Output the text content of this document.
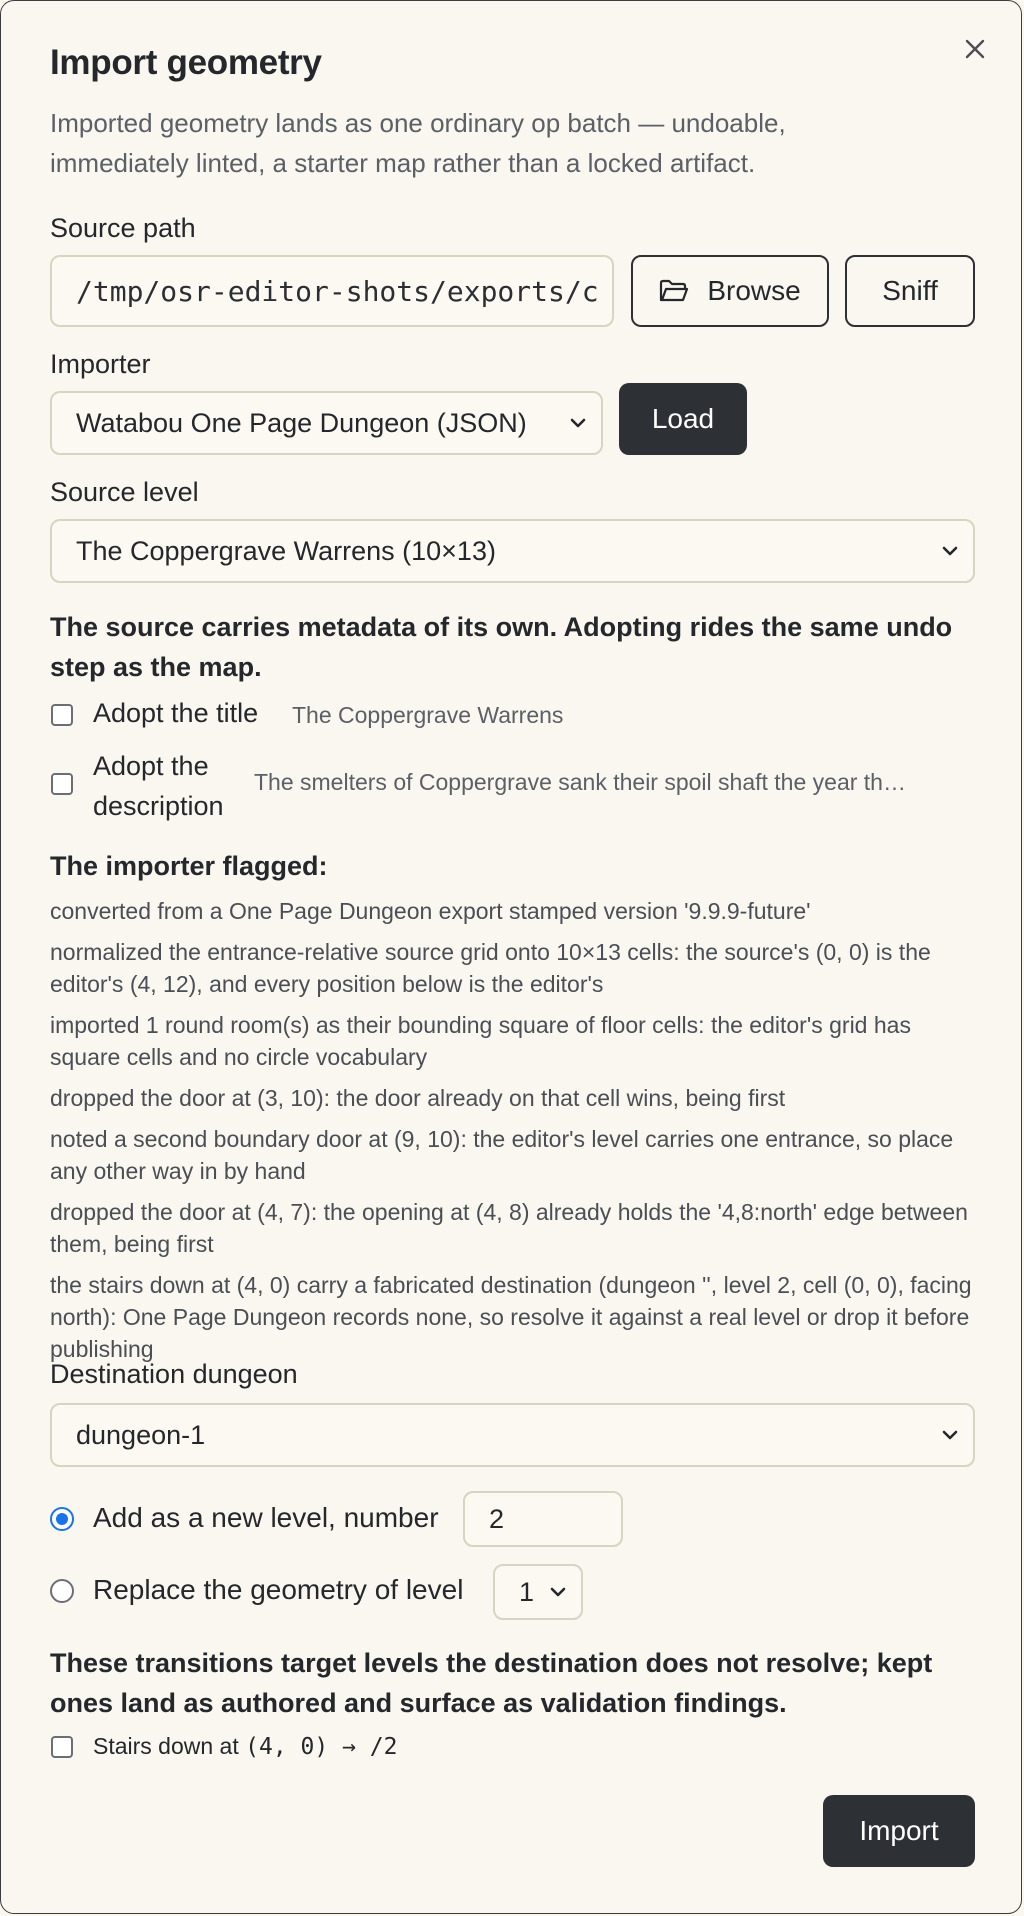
Import geometry

Imported geometry lands as one ordinary op batch — undoable, immediately linted, a starter map rather than a locked artifact.

Source path
/tmp/osr-editor-shots/exports/c	Browse	Sniff
Importer
Watabou One Page Dungeon (JSON)	Load
Source level
The Coppergrave Warrens (10×13)

The source carries metadata of its own. Adopting rides the same undo step as the map.

Adopt the title The Coppergrave Warrens
Adopt the
description
The smelters of Coppergrave sank their spoil shaft the year th…
The importer flagged:

converted from a One Page Dungeon export stamped version '9.9.9-future'

normalized the entrance-relative source grid onto 10×13 cells: the source's (0, 0) is the editor's (4, 12), and every position below is the editor's

imported 1 round room(s) as their bounding square of floor cells: the editor's grid has square cells and no circle vocabulary

dropped the door at (3, 10): the door already on that cell wins, being first

noted a second boundary door at (9, 10): the editor's level carries one entrance, so place any other way in by hand

dropped the door at (4, 7): the opening at (4, 8) already holds the '4,8:north' edge between them, being first

the stairs down at (4, 0) carry a fabricated destination (dungeon '', level 2, cell (0, 0), facing north): One Page Dungeon records none, so resolve it against a real level or drop it before publishing

Destination dungeon
dungeon-1
Add as a new level, number	2
Replace the geometry of level	1

These transitions target levels the destination does not resolve; kept ones land as authored and surface as validation findings.

Stairs down at (4, 0) → /2
Import
